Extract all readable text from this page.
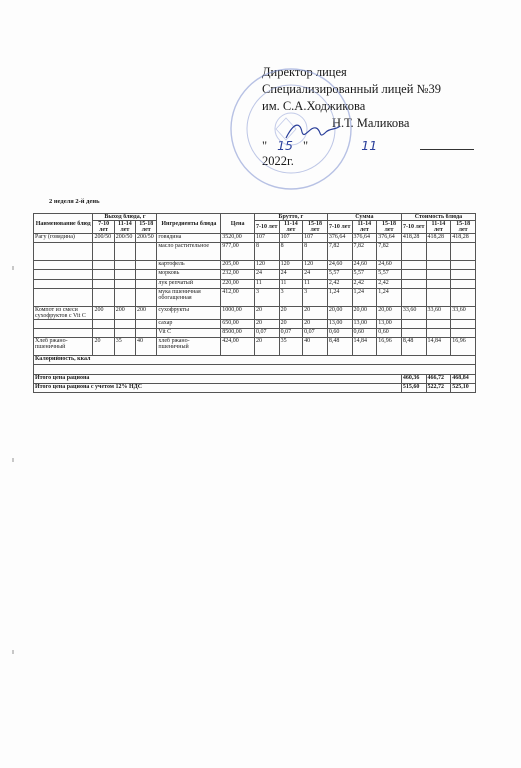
Директор лицея
Специализированный лицей №39
им. С.А.Ходжикова
Н.Т. Маликова
" 15 "	11  2022г.
2 неделя 2-й день
Наименование блюд	Выход блюда, г			Ингредиенты блюда	Цена	Брутто, г			Сумма			Стоимость блюда		
	7-10 лет	11-14 лет	15-18 лет			7-10 лет	11-14 лет	15-18 лет	7-10 лет	11-14 лет	15-18 лет	7-10 лет	11-14 лет	15-18 лет
Рагу (говядина)	200/50	200/50	200/50	говядина	3520,00	107	107	107	376,64	376,64	376,64	418,28	418,28	418,28
				масло растительное	977,00	8	8	8	7,82	7,82	7,82			
				картофель	205,00	120	120	120	24,60	24,60	24,60			
				морковь	232,00	24	24	24	5,57	5,57	5,57			
				лук репчатый	220,00	11	11	11	2,42	2,42	2,42			
				мука пшеничная обогащенная	412,00	3	3	3	1,24	1,24	1,24			
Компот из смеси сухофруктов с Vit C	200	200	200	сухофрукты	1000,00	20	20	20	20,00	20,00	20,00	33,60	33,60	33,60
				сахар	650,00	20	20	20	13,00	13,00	13,00			
				Vit C	8500,00	0,07	0,07	0,07	0,60	0,60	0,60			
Хлеб ржано-пшеничный	20	35	40	хлеб ржано-пшеничный	424,00	20	35	40	8,48	14,84	16,96	8,48	14,84	16,96
Калорийность, ккал														

Итого цена рациона												460,36	466,72	468,84
Итого цена рациона с учетом 12% НДС												515,60	522,72	525,10
